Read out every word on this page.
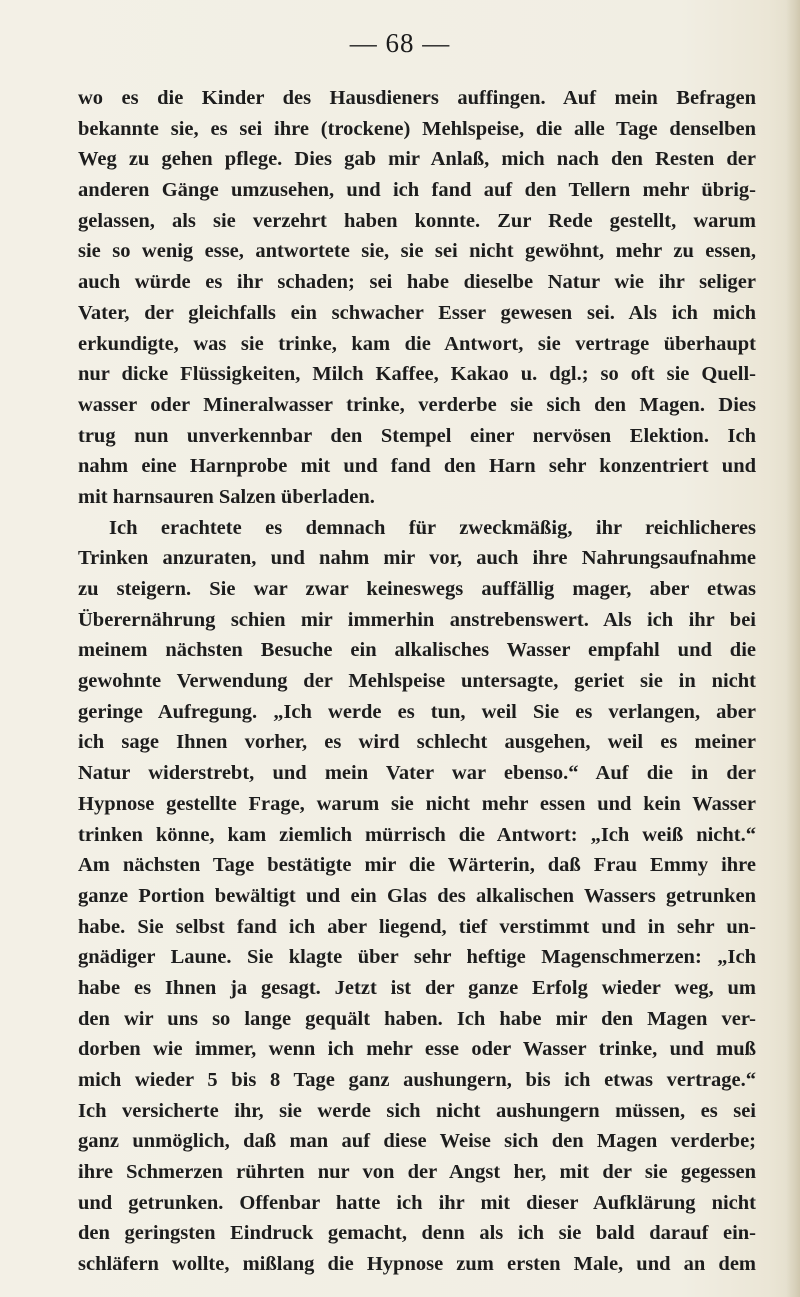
— 68 —
wo es die Kinder des Hausdieners auffingen. Auf mein Befragen
bekannte sie, es sei ihre (trockene) Mehlspeise, die alle Tage denselben
Weg zu gehen pflege. Dies gab mir Anlaß, mich nach den Resten der
anderen Gänge umzusehen, und ich fand auf den Tellern mehr übrig-
gelassen, als sie verzehrt haben konnte. Zur Rede gestellt, warum
sie so wenig esse, antwortete sie, sie sei nicht gewöhnt, mehr zu essen,
auch würde es ihr schaden; sei habe dieselbe Natur wie ihr seliger
Vater, der gleichfalls ein schwacher Esser gewesen sei. Als ich mich
erkundigte, was sie trinke, kam die Antwort, sie vertrage überhaupt
nur dicke Flüssigkeiten, Milch Kaffee, Kakao u. dgl.; so oft sie Quell-
wasser oder Mineralwasser trinke, verderbe sie sich den Magen. Dies
trug nun unverkennbar den Stempel einer nervösen Elektion. Ich
nahm eine Harnprobe mit und fand den Harn sehr konzentriert und
mit harnsauren Salzen überladen.
Ich erachtete es demnach für zweckmäßig, ihr reichlicheres
Trinken anzuraten, und nahm mir vor, auch ihre Nahrungsaufnahme
zu steigern. Sie war zwar keineswegs auffällig mager, aber etwas
Überernährung schien mir immerhin anstrebenswert. Als ich ihr bei
meinem nächsten Besuche ein alkalisches Wasser empfahl und die
gewohnte Verwendung der Mehlspeise untersagte, geriet sie in nicht
geringe Aufregung. „Ich werde es tun, weil Sie es verlangen, aber
ich sage Ihnen vorher, es wird schlecht ausgehen, weil es meiner
Natur widerstrebt, und mein Vater war ebenso.“ Auf die in der
Hypnose gestellte Frage, warum sie nicht mehr essen und kein Wasser
trinken könne, kam ziemlich mürrisch die Antwort: „Ich weiß nicht.“
Am nächsten Tage bestätigte mir die Wärterin, daß Frau Emmy ihre
ganze Portion bewältigt und ein Glas des alkalischen Wassers getrunken
habe. Sie selbst fand ich aber liegend, tief verstimmt und in sehr un-
gnädiger Laune. Sie klagte über sehr heftige Magenschmerzen: „Ich
habe es Ihnen ja gesagt. Jetzt ist der ganze Erfolg wieder weg, um
den wir uns so lange gequält haben. Ich habe mir den Magen ver-
dorben wie immer, wenn ich mehr esse oder Wasser trinke, und muß
mich wieder 5 bis 8 Tage ganz aushungern, bis ich etwas vertrage.“
Ich versicherte ihr, sie werde sich nicht aushungern müssen, es sei
ganz unmöglich, daß man auf diese Weise sich den Magen verderbe;
ihre Schmerzen rührten nur von der Angst her, mit der sie gegessen
und getrunken. Offenbar hatte ich ihr mit dieser Aufklärung nicht
den geringsten Eindruck gemacht, denn als ich sie bald darauf ein-
schläfern wollte, mißlang die Hypnose zum ersten Male, und an dem
